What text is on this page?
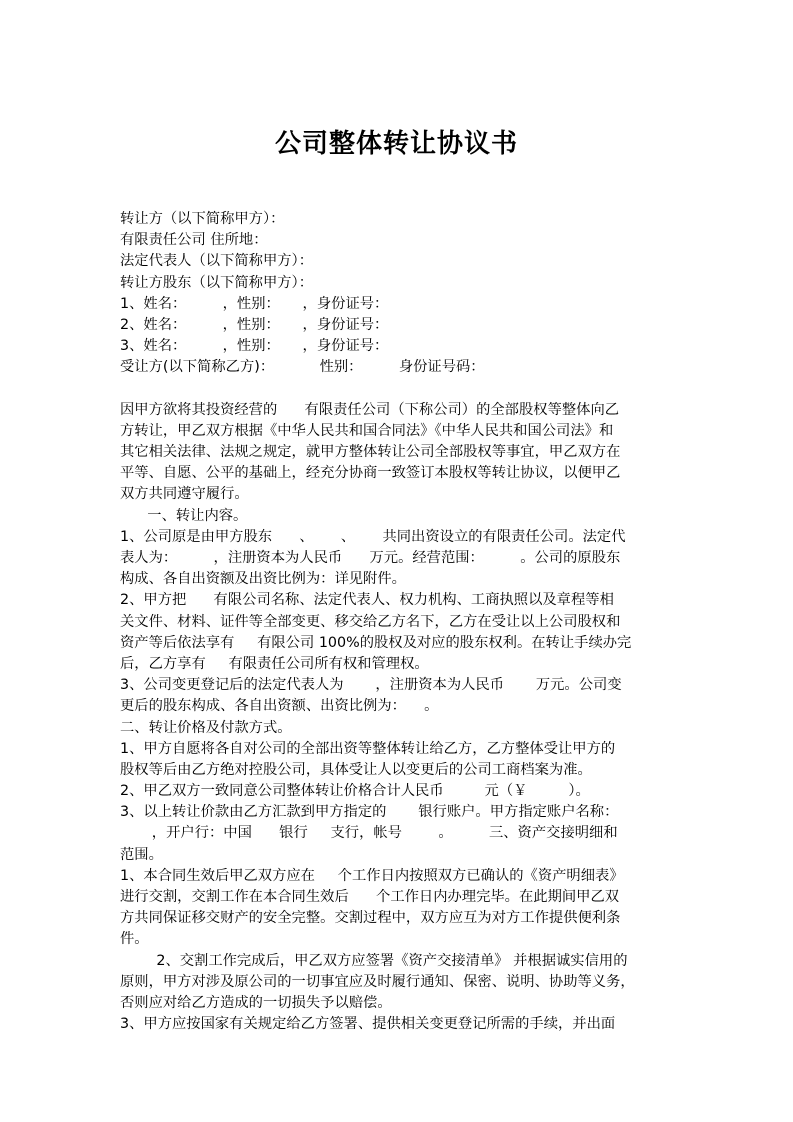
公司整体转让协议书
转让方（以下简称甲方）：
有限责任公司 住所地：
法定代表人（以下简称甲方）：
转让方股东（以下简称甲方）：
1、姓名：        ，性别：     ，身份证号：
2、姓名：        ，性别：     ，身份证号：
3、姓名：        ，性别：     ，身份证号：
受让方(以下简称乙方)：          性别：        身份证号码：
因甲方欲将其投资经营的      有限责任公司（下称公司）的全部股权等整体向乙
方转让，甲乙双方根据《中华人民共和国合同法》《中华人民共和国公司法》和
其它相关法律、法规之规定，就甲方整体转让公司全部股权等事宜，甲乙双方在
平等、自愿、公平的基础上，经充分协商一致签订本股权等转让协议，以便甲乙
双方共同遵守履行。
一、转让内容。
1、公司原是由甲方股东      、      、      共同出资设立的有限责任公司。法定代
表人为：        ，注册资本为人民币      万元。经营范围：        。公司的原股东
构成、各自出资额及出资比例为：详见附件。
2、甲方把      有限公司名称、法定代表人、权力机构、工商执照以及章程等相
关文件、材料、证件等全部变更、移交给乙方名下，乙方在受让以上公司股权和
资产等后依法享有     有限公司 100%的股权及对应的股东权利。在转让手续办完
后，乙方享有     有限责任公司所有权和管理权。
3、公司变更登记后的法定代表人为       ，注册资本为人民币       万元。公司变
更后的股东构成、各自出资额、出资比例为：    。
二、转让价格及付款方式。
1、甲方自愿将各自对公司的全部出资等整体转让给乙方，乙方整体受让甲方的
股权等后由乙方绝对控股公司，具体受让人以变更后的公司工商档案为准。
2、甲乙双方一致同意公司整体转让价格合计人民币         元（￥         ）。
3、以上转让价款由乙方汇款到甲方指定的       银行账户。甲方指定账户名称：
，开户行：中国      银行     支行，帐号        。        三、资产交接明细和
范围。
1、本合同生效后甲乙双方应在     个工作日内按照双方已确认的《资产明细表》
进行交割，交割工作在本合同生效后      个工作日内办理完毕。在此期间甲乙双
方共同保证移交财产的安全完整。交割过程中，双方应互为对方工作提供便利条
件。
2、交割工作完成后，甲乙双方应签署《资产交接清单》 并根据诚实信用的
原则，甲方对涉及原公司的一切事宜应及时履行通知、保密、说明、协助等义务，
否则应对给乙方造成的一切损失予以赔偿。
3、甲方应按国家有关规定给乙方签署、提供相关变更登记所需的手续，并出面
